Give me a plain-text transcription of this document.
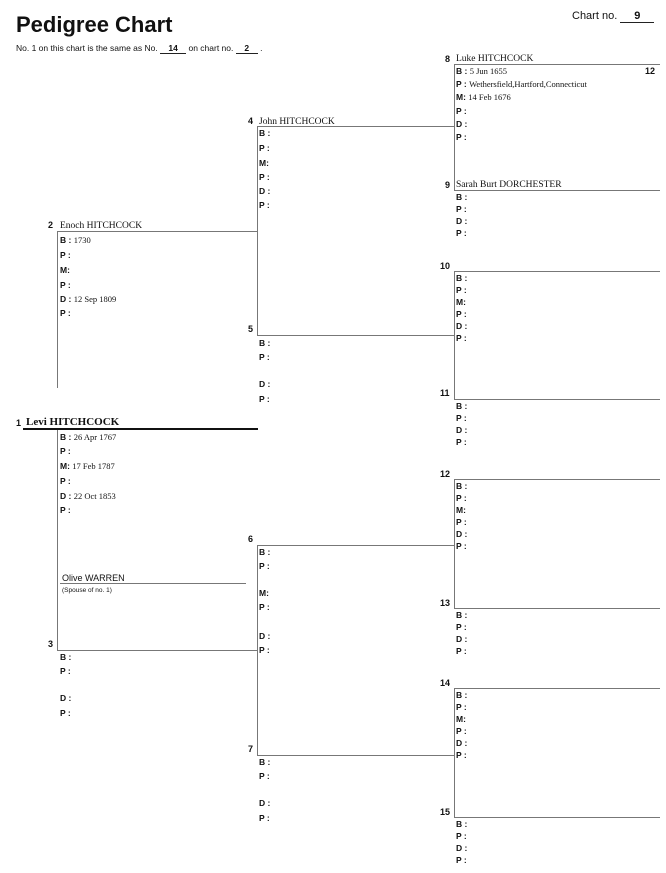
Pedigree Chart	Chart no. 9
No. 1 on this chart is the same as No. 14 on chart no. 2 .
1 Levi HITCHCOCK
B : 26 Apr 1767
P :
M: 17 Feb 1787
P :
D : 22 Oct 1853
P :
Olive WARREN
(Spouse of no. 1)
2 Enoch HITCHCOCK
B : 1730
P :
M:
P :
D : 12 Sep 1809
P :
3
B :
P :
D :
P :
4 John HITCHCOCK
B :
P :
M:
P :
D :
P :
5
B :
P :
D :
P :
6
B :
P :
M:
P :
D :
P :
7
B :
P :
D :
P :
8 Luke HITCHCOCK
12
B : 5 Jun 1655
P : Wethersfield,Hartford,Connecticut
M: 14 Feb 1676
P :
D :
P :
9 Sarah Burt DORCHESTER
B :
P :
D :
P :
10
B :
P :
M:
P :
D :
P :
11
B :
P :
D :
P :
12
B :
P :
M:
P :
D :
P :
13
B :
P :
D :
P :
14
B :
P :
M:
P :
D :
P :
15
B :
P :
D :
P :
